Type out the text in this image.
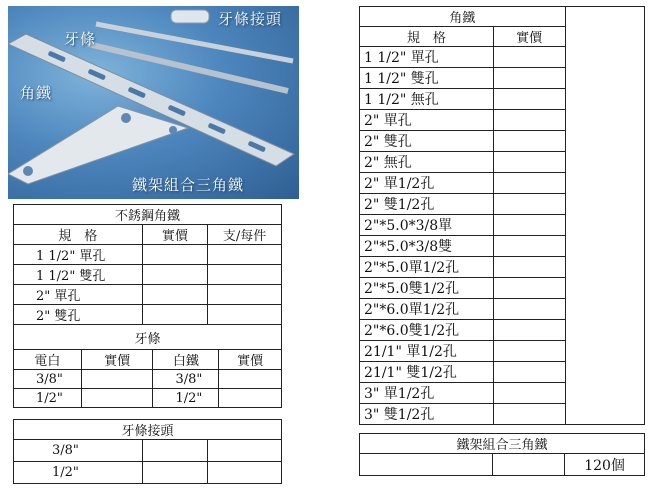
牙條接頭
牙條
角鐵
鐵架組合三角鐵
不銹鋼角鐵		
規　格	實價	支/每件
1 1/2" 單孔		
1 1/2" 雙孔		
2" 單孔		
2" 雙孔		
牙條			
電白	實價	白鐵	實價
3/8"		3/8"	
1/2"		1/2"	
牙條接頭		
3/8"		
1/2"		
角鐵		
規　格	實價	
1 1/2" 單孔		
1 1/2" 雙孔		
1 1/2" 無孔		
2" 單孔		
2" 雙孔		
2" 無孔		
2" 單1/2孔		
2" 雙1/2孔		
2"*5.0*3/8單		
2"*5.0*3/8雙		
2"*5.0單1/2孔		
2"*5.0雙1/2孔		
2"*6.0單1/2孔		
2"*6.0雙1/2孔		
21/1" 單1/2孔		
21/1" 雙1/2孔		
3" 單1/2孔		
3" 雙1/2孔		
鐵架組合三角鐵
		120個
